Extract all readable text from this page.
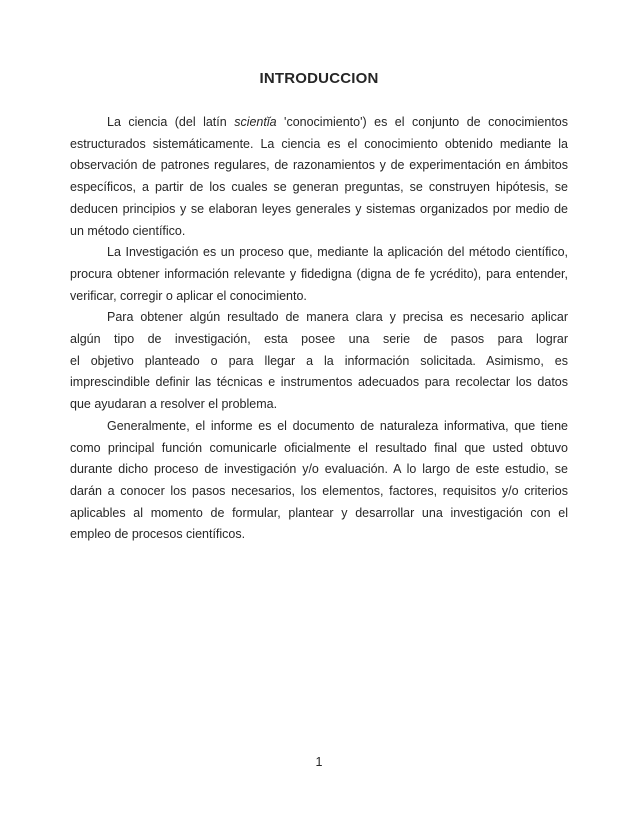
INTRODUCCION
La ciencia (del latín scientĭa 'conocimiento') es el conjunto de conocimientos
estructurados sistemáticamente. La ciencia es el conocimiento obtenido mediante la
observación de patrones regulares, de razonamientos y de experimentación en ámbitos
específicos, a partir de los cuales se generan preguntas, se construyen hipótesis, se
deducen principios y se elaboran leyes generales y sistemas organizados por medio de
un método científico.
La Investigación es un proceso que, mediante la aplicación del método científico,
procura obtener información relevante y fidedigna (digna de fe ycrédito), para entender,
verificar, corregir o aplicar el conocimiento.
Para obtener algún resultado de manera clara y precisa es necesario aplicar
algún tipo de investigación, esta posee una serie de pasos para lograr
el objetivo planteado o para llegar a la información solicitada. Asimismo, es
imprescindible definir las técnicas e instrumentos adecuados para recolectar los datos
que ayudaran a resolver el problema.
Generalmente, el informe es el documento de naturaleza informativa, que tiene
como principal función comunicarle oficialmente el resultado final que usted obtuvo
durante dicho proceso de investigación y/o evaluación. A lo largo de este estudio, se
darán a conocer los pasos necesarios, los elementos, factores, requisitos y/o criterios
aplicables al momento de formular, plantear y desarrollar una investigación con el
empleo de procesos científicos.
1
